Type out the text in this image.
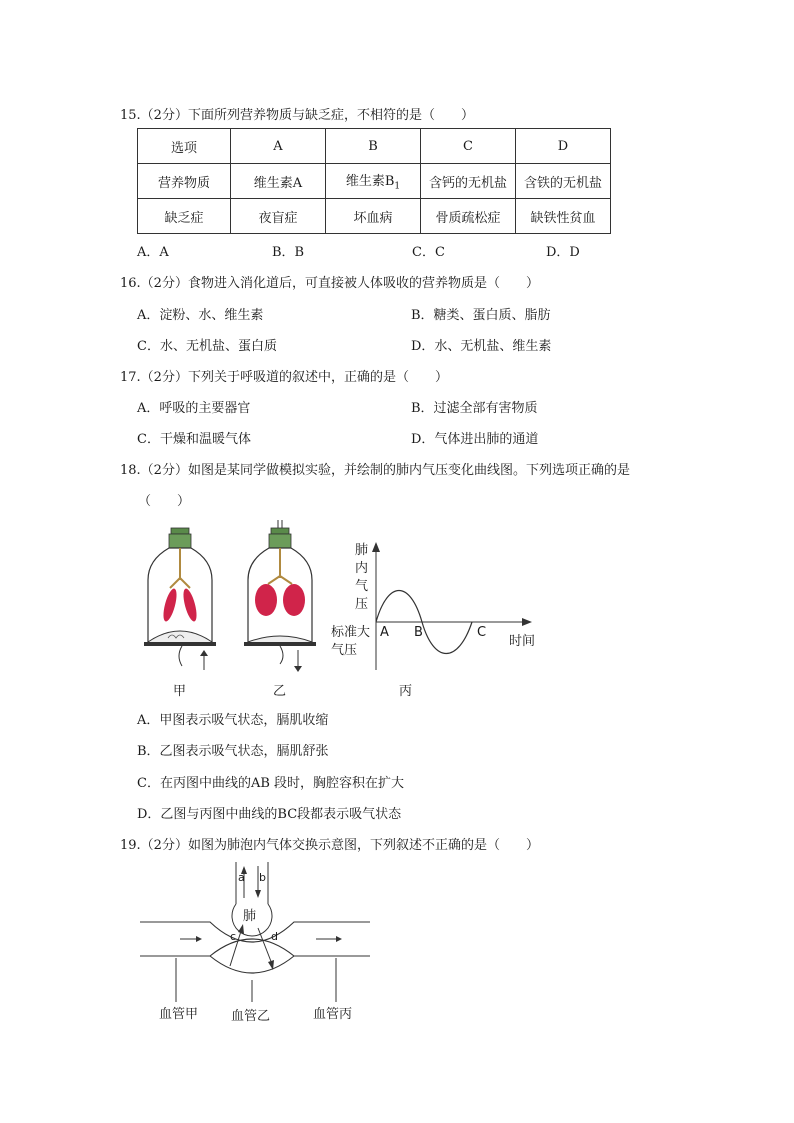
15.（2分）下面所列营养物质与缺乏症，不相符的是（　　）
选项	A	B	C	D
营养物质	维生素A	维生素$B_1$	含钙的无机盐	含铁的无机盐
缺乏症	夜盲症	坏血病	骨质疏松症	缺铁性贫血
A．A	B．B	C．C	D．D
16.（2分）食物进入消化道后，可直接被人体吸收的营养物质是（　　）
A．淀粉、水、维生素	B．糖类、蛋白质、脂肪
C．水、无机盐、蛋白质	D．水、无机盐、维生素
17.（2分）下列关于呼吸道的叙述中，正确的是（　　）
A．呼吸的主要器官	B．过滤全部有害物质
C．干燥和温暖气体	D．气体进出肺的通道
18.（2分）如图是某同学做模拟实验，并绘制的肺内气压变化曲线图。下列选项正确的是
（　　）
甲	乙
肺
内
气
压
标准大
气压
A B	C
时间
丙
A．甲图表示吸气状态，膈肌收缩
B．乙图表示吸气状态，膈肌舒张
C．在丙图中曲线的AB 段时，胸腔容积在扩大
D．乙图与丙图中曲线的BC段都表示吸气状态
19.（2分）如图为肺泡内气体交换示意图，下列叙述不正确的是（　　）
a b
肺
c	d
血管甲	血管乙	血管丙
